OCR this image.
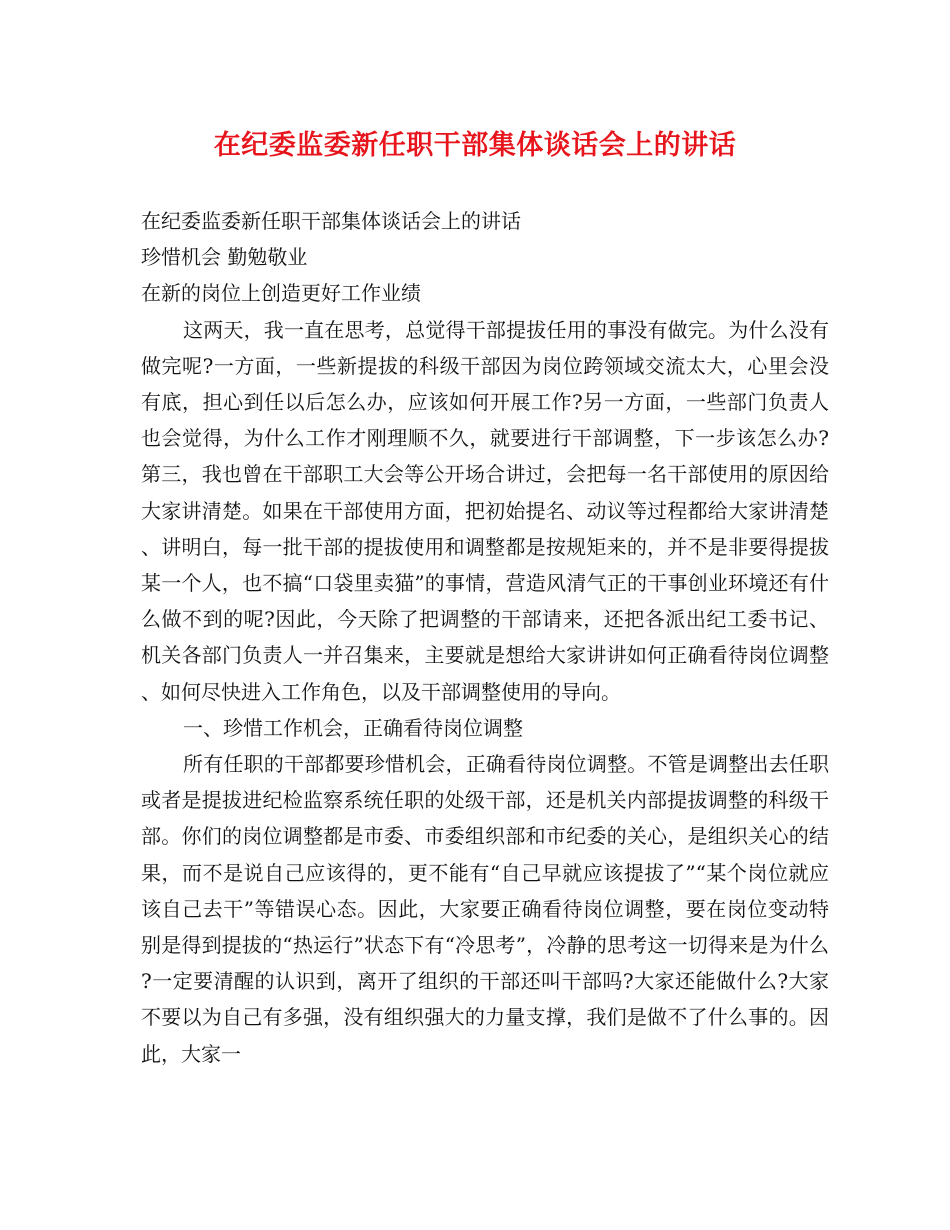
在纪委监委新任职干部集体谈话会上的讲话

在纪委监委新任职干部集体谈话会上的讲话

珍惜机会 勤勉敬业

在新的岗位上创造更好工作业绩

这两天，我一直在思考，总觉得干部提拔任用的事没有做完。为什么没有做完呢?一方面，一些新提拔的科级干部因为岗位跨领域交流太大，心里会没有底，担心到任以后怎么办，应该如何开展工作?另一方面，一些部门负责人也会觉得，为什么工作才刚理顺不久，就要进行干部调整，下一步该怎么办?第三，我也曾在干部职工大会等公开场合讲过，会把每一名干部使用的原因给大家讲清楚。如果在干部使用方面，把初始提名、动议等过程都给大家讲清楚、讲明白，每一批干部的提拔使用和调整都是按规矩来的，并不是非要得提拔某一个人，也不搞“口袋里卖猫”的事情，营造风清气正的干事创业环境还有什么做不到的呢?因此，今天除了把调整的干部请来，还把各派出纪工委书记、机关各部门负责人一并召集来，主要就是想给大家讲讲如何正确看待岗位调整、如何尽快进入工作角色，以及干部调整使用的导向。

一、珍惜工作机会，正确看待岗位调整

所有任职的干部都要珍惜机会，正确看待岗位调整。不管是调整出去任职或者是提拔进纪检监察系统任职的处级干部，还是机关内部提拔调整的科级干部。你们的岗位调整都是市委、市委组织部和市纪委的关心，是组织关心的结果，而不是说自己应该得的，更不能有“自己早就应该提拔了”“某个岗位就应该自己去干”等错误心态。因此，大家要正确看待岗位调整，要在岗位变动特别是得到提拔的“热运行”状态下有“冷思考”，冷静的思考这一切得来是为什么?一定要清醒的认识到，离开了组织的干部还叫干部吗?大家还能做什么?大家不要以为自己有多强，没有组织强大的力量支撑，我们是做不了什么事的。因此，大家一
